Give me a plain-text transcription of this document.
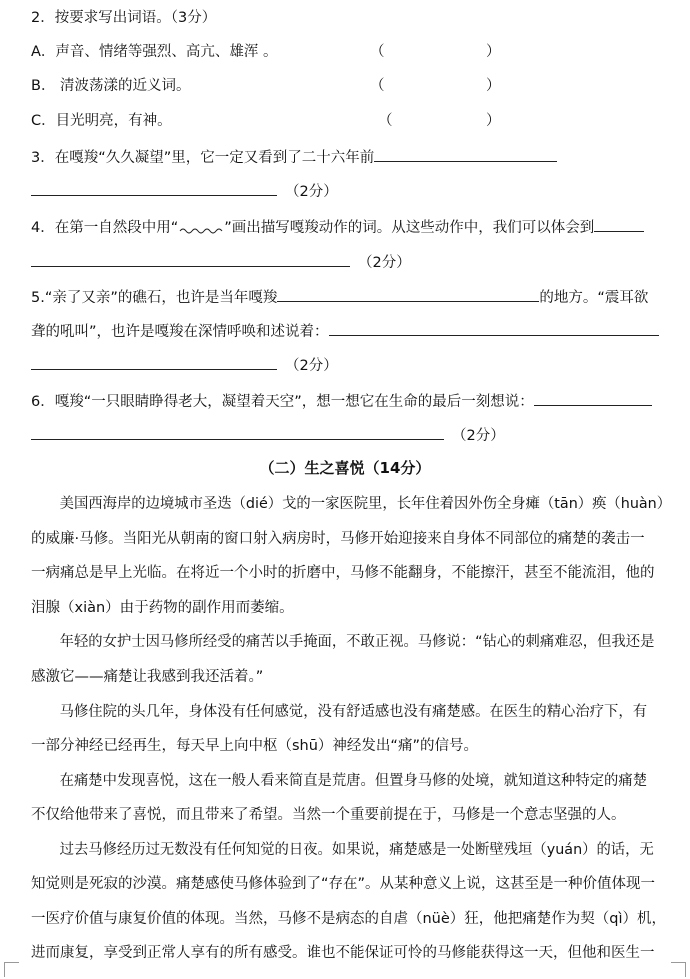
2．按要求写出词语。（3分）
A．声音、情绪等强烈、高亢、雄浑 。	（	）
B． 清波荡漾的近义词。	（	）
C．目光明亮，有神。	（	）
3．在嘎羧“久久凝望”里，它一定又看到了二十六年前
（2分）
4．在第一自然段中用“	”画出描写嘎羧动作的词。从这些动作中，我们可以体会到
（2分）
5.“亲了又亲”的礁石，也许是当年嘎羧	的地方。“震耳欲
聋的吼叫”，也许是嘎羧在深情呼唤和述说着：
（2分）
6．嘎羧“一只眼睛睁得老大，凝望着天空”，想一想它在生命的最后一刻想说：
（2分）
（二）生之喜悦（14分）
美国西海岸的边境城市圣迭（dié）戈的一家医院里，长年住着因外伤全身瘫（tān）痪（huàn）
的威廉·马修。当阳光从朝南的窗口射入病房时，马修开始迎接来自身体不同部位的痛楚的袭击一
一病痛总是早上光临。在将近一个小时的折磨中，马修不能翻身，不能擦汗，甚至不能流泪，他的
泪腺（xiàn）由于药物的副作用而萎缩。
年轻的女护士因马修所经受的痛苦以手掩面，不敢正视。马修说：“钻心的刺痛难忍，但我还是
感激它——痛楚让我感到我还活着。”
马修住院的头几年，身体没有任何感觉，没有舒适感也没有痛楚感。在医生的精心治疗下，有
一部分神经已经再生，每天早上向中枢（shū）神经发出“痛”的信号。
在痛楚中发现喜悦，这在一般人看来简直是荒唐。但置身马修的处境，就知道这种特定的痛楚
不仅给他带来了喜悦，而且带来了希望。当然一个重要前提在于，马修是一个意志坚强的人。
过去马修经历过无数没有任何知觉的日夜。如果说，痛楚感是一处断壁残垣（yuán）的话，无
知觉则是死寂的沙漠。痛楚感使马修体验到了“存在”。从某种意义上说，这甚至是一种价值体现一
一医疗价值与康复价值的体现。当然，马修不是病态的自虐（nüè）狂，他把痛楚作为契（qì）机，
进而康复，享受到正常人享有的所有感受。谁也不能保证可怜的马修能获得这一天，但他和医生一
